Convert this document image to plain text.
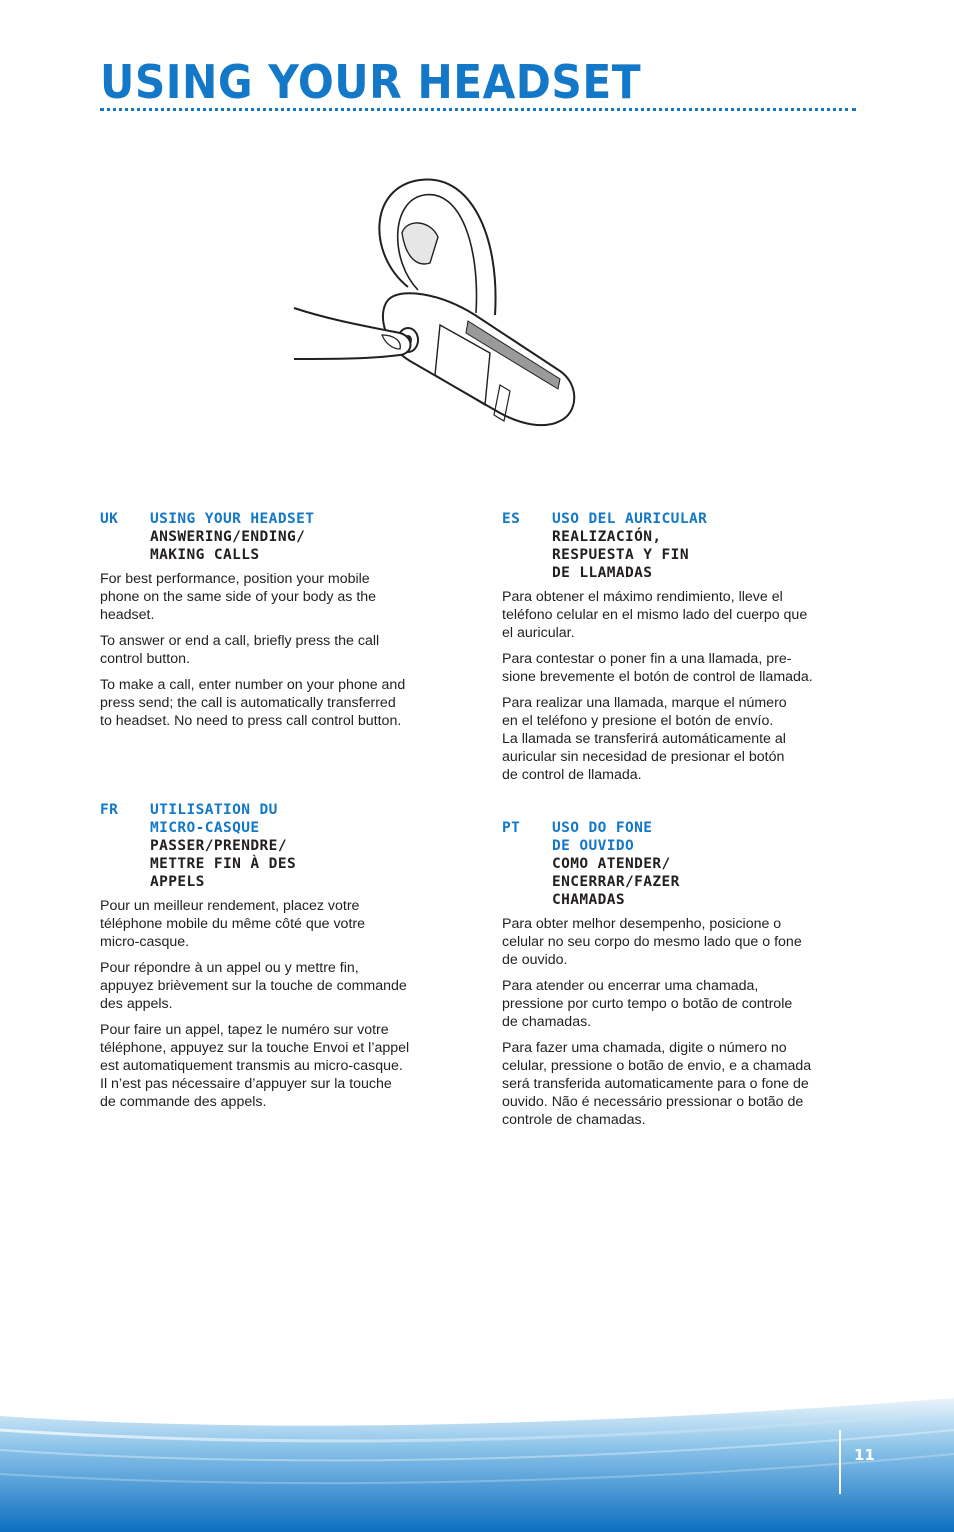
USING YOUR HEADSET
UK	USING YOUR HEADSET
ANSWERING/ENDING/
MAKING CALLS

For best performance, position your mobile
phone on the same side of your body as the
headset.

To answer or end a call, briefly press the call
control button.

To make a call, enter number on your phone and
press send; the call is automatically transferred
to headset. No need to press call control button.

FR	UTILISATION DU
MICRO-CASQUE
PASSER/PRENDRE/
METTRE FIN À DES
APPELS

Pour un meilleur rendement, placez votre
téléphone mobile du même côté que votre
micro-casque.

Pour répondre à un appel ou y mettre fin,
appuyez brièvement sur la touche de commande
des appels.

Pour faire un appel, tapez le numéro sur votre
téléphone, appuyez sur la touche Envoi et l’appel
est automatiquement transmis au micro-casque.
Il n’est pas nécessaire d’appuyer sur la touche
de commande des appels.

ES	USO DEL AURICULAR
REALIZACIÓN,
RESPUESTA Y FIN
DE LLAMADAS

Para obtener el máximo rendimiento, lleve el
teléfono celular en el mismo lado del cuerpo que
el auricular.

Para contestar o poner fin a una llamada, pre-
sione brevemente el botón de control de llamada.

Para realizar una llamada, marque el número
en el teléfono y presione el botón de envío.
La llamada se transferirá automáticamente al
auricular sin necesidad de presionar el botón
de control de llamada.

PT	USO DO FONE
DE OUVIDO
COMO ATENDER/
ENCERRAR/FAZER
CHAMADAS

Para obter melhor desempenho, posicione o
celular no seu corpo do mesmo lado que o fone
de ouvido.

Para atender ou encerrar uma chamada,
pressione por curto tempo o botão de controle
de chamadas.

Para fazer uma chamada, digite o número no
celular, pressione o botão de envio, e a chamada
será transferida automaticamente para o fone de
ouvido. Não é necessário pressionar o botão de
controle de chamadas.

11
